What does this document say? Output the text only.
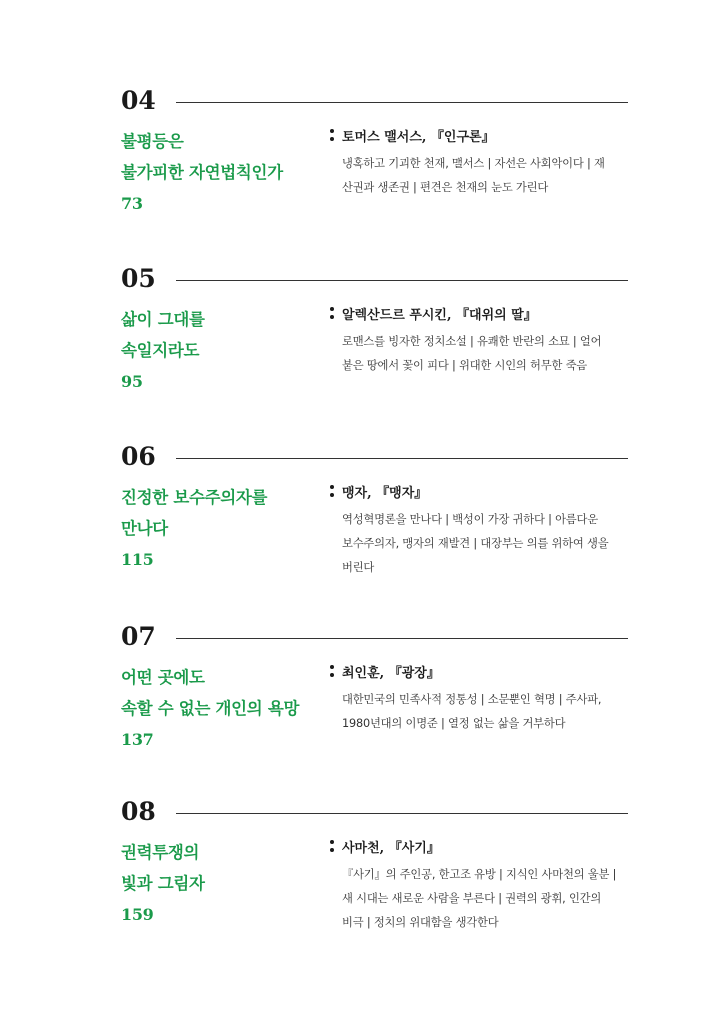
04
불평등은
불가피한 자연법칙인가
73
토머스 맬서스, 『인구론』
냉혹하고 기괴한 천재, 맬서스 | 자선은 사회악이다 | 재
산권과 생존권 | 편견은 천재의 눈도 가린다
05
삶이 그대를
속일지라도
95
알렉산드르 푸시킨, 『대위의 딸』
로맨스를 빙자한 정치소설 | 유쾌한 반란의 소묘 | 얼어
붙은 땅에서 꽃이 피다 | 위대한 시인의 허무한 죽음
06
진정한 보수주의자를
만나다
115
맹자, 『맹자』
역성혁명론을 만나다 | 백성이 가장 귀하다 | 아름다운
보수주의자, 맹자의 재발견 | 대장부는 의를 위하여 생을
버린다
07
어떤 곳에도
속할 수 없는 개인의 욕망
137
최인훈, 『광장』
대한민국의 민족사적 정통성 | 소문뿐인 혁명 | 주사파,
1980년대의 이명준 | 열정 없는 삶을 거부하다
08
권력투쟁의
빛과 그림자
159
사마천, 『사기』
『사기』의 주인공, 한고조 유방 | 지식인 사마천의 울분 |
새 시대는 새로운 사람을 부른다 | 권력의 광휘, 인간의
비극 | 정치의 위대함을 생각한다
